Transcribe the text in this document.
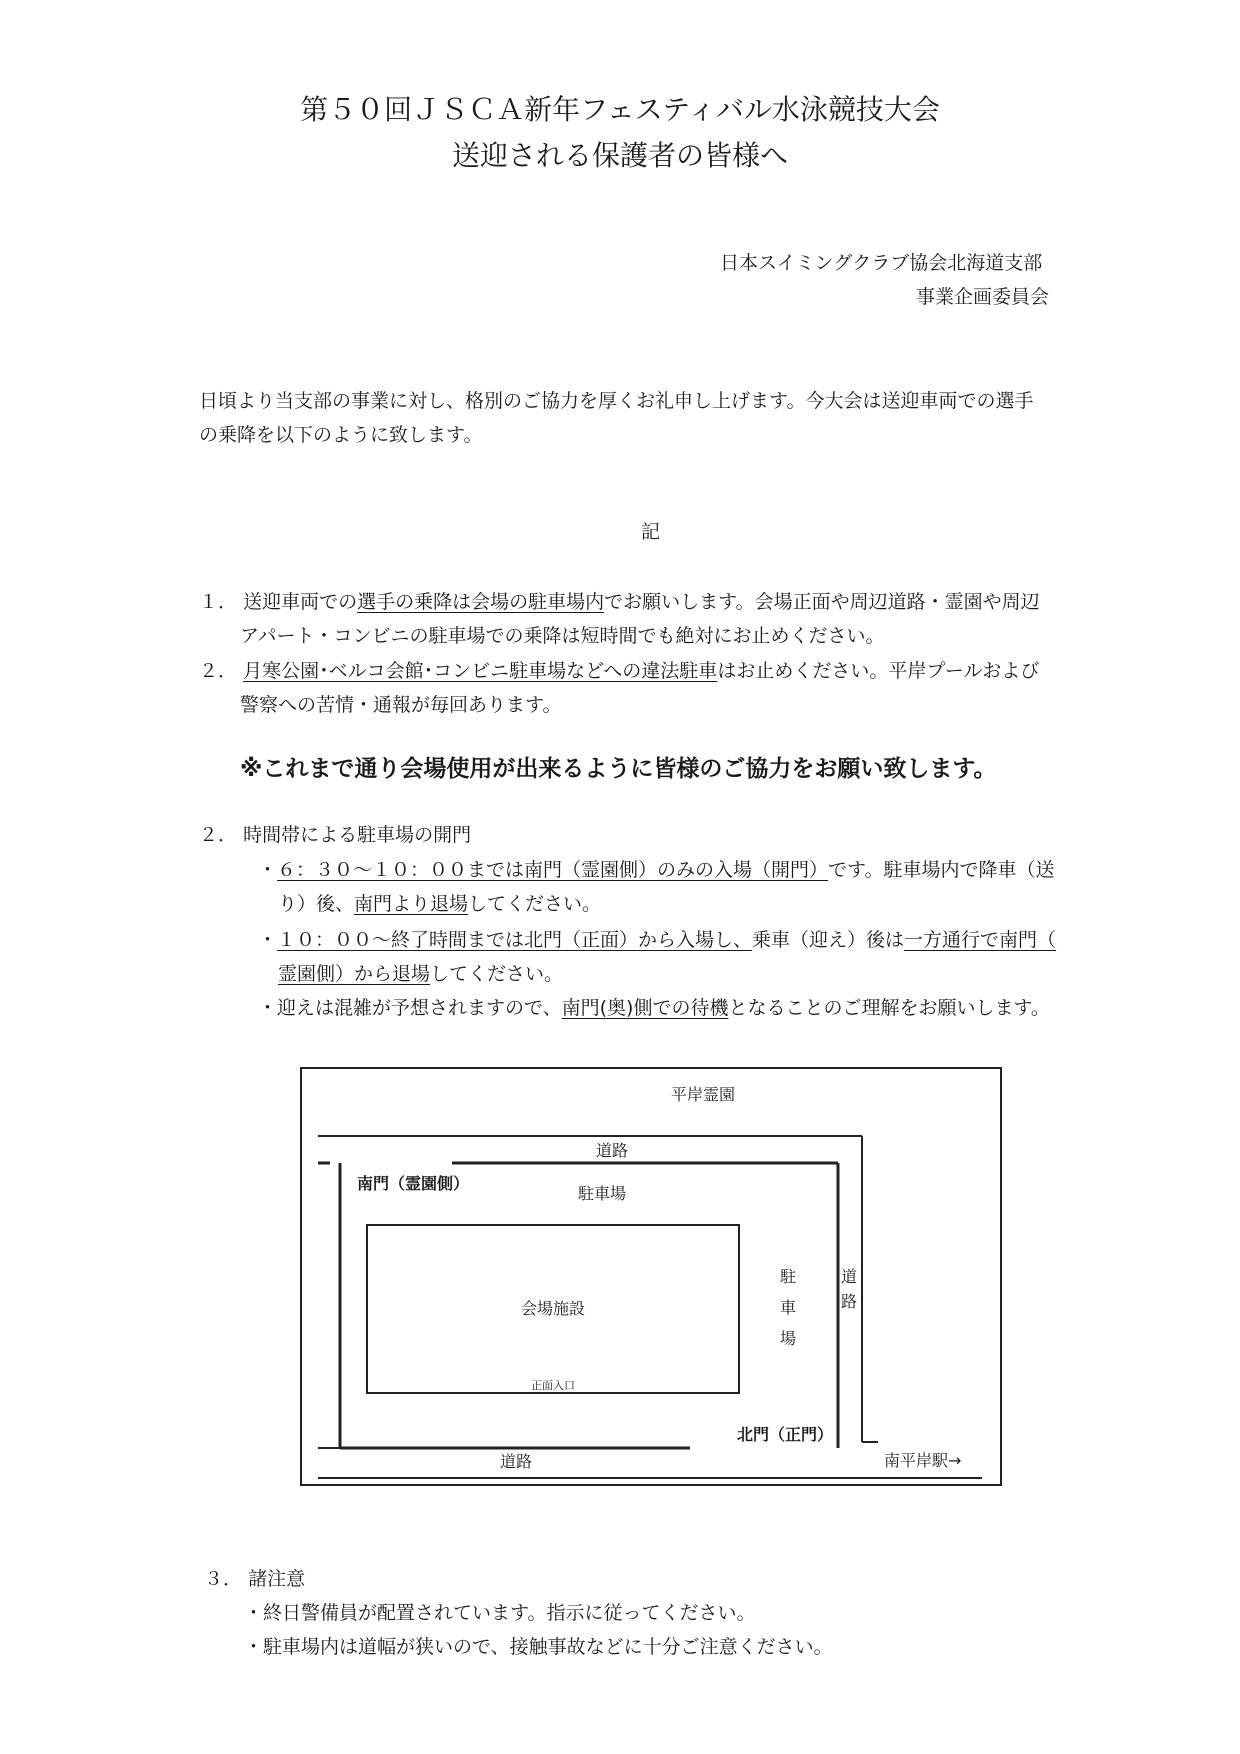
第５０回ＪＳＣＡ新年フェスティバル水泳競技大会
送迎される保護者の皆様へ
日本スイミングクラブ協会北海道支部
事業企画委員会
日頃より当支部の事業に対し、格別のご協力を厚くお礼申し上げます。今大会は送迎車両での選手
の乗降を以下のように致します。
記
１． 送迎車両での選手の乗降は会場の駐車場内でお願いします。会場正面や周辺道路・霊園や周辺
アパート・コンビニの駐車場での乗降は短時間でも絶対にお止めください。
２． 月寒公園･ベルコ会館･コンビニ駐車場などへの違法駐車はお止めください。平岸プールおよび
警察への苦情・通報が毎回あります。
※これまで通り会場使用が出来るように皆様のご協力をお願い致します。
２． 時間帯による駐車場の開門
・６：３０～１０：００までは南門（霊園側）のみの入場（開門）です。駐車場内で降車（送
り）後、南門より退場してください。
・１０：００～終了時間までは北門（正面）から入場し、乗車（迎え）後は一方通行で南門（
霊園側）から退場してください。
・迎えは混雑が予想されますので、南門(奥)側での待機となることのご理解をお願いします。
平岸霊園
道路
南門（霊園側）
駐車場
会場施設
正面入口
駐
車
場
道
路
北門（正門）
道路	南平岸駅→
３． 諸注意
・終日警備員が配置されています。指示に従ってください。
・駐車場内は道幅が狭いので、接触事故などに十分ご注意ください。
